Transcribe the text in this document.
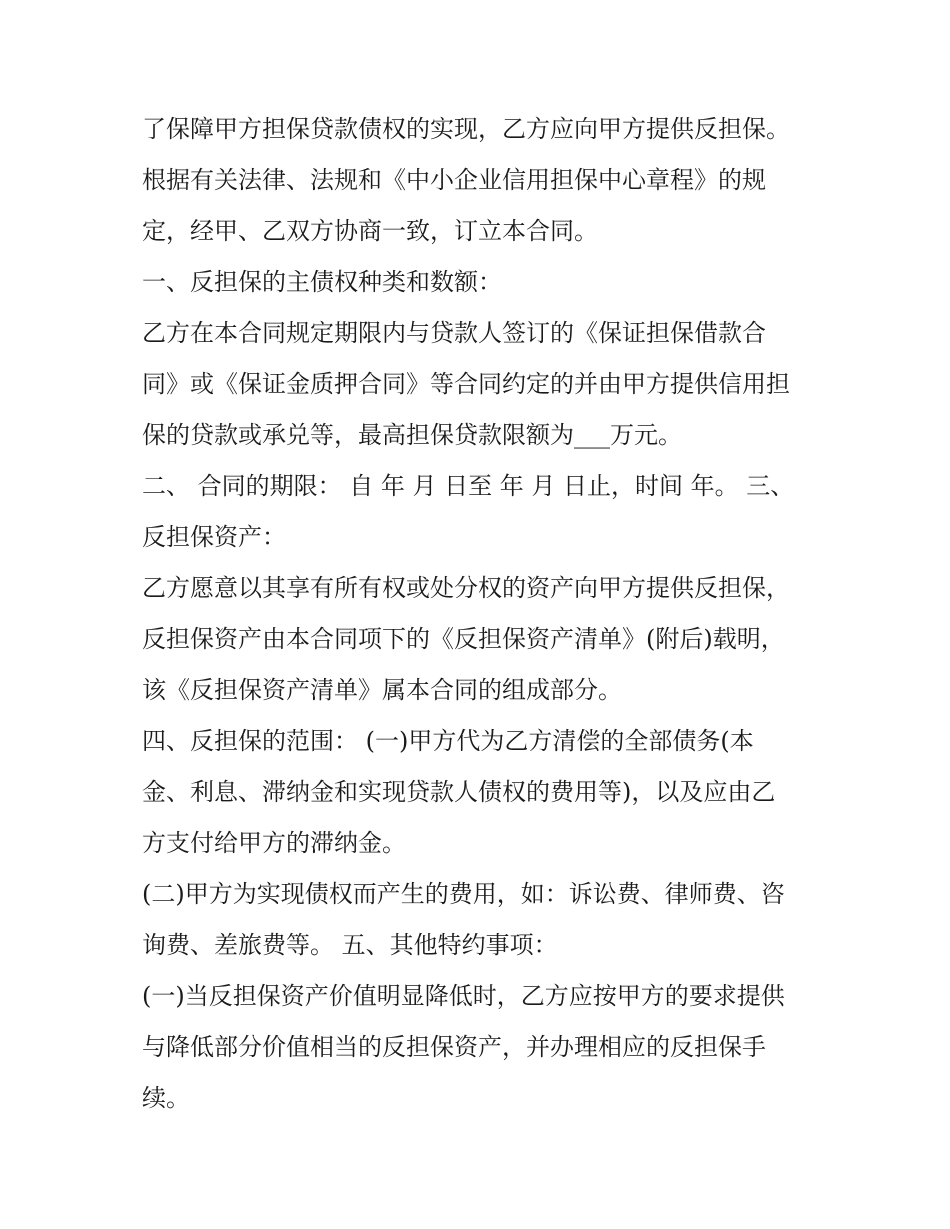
了保障甲方担保贷款债权的实现，乙方应向甲方提供反担保。
根据有关法律、法规和《中小企业信用担保中心章程》的规
定，经甲、乙双方协商一致，订立本合同。
一、反担保的主债权种类和数额：
乙方在本合同规定期限内与贷款人签订的《保证担保借款合
同》或《保证金质押合同》等合同约定的并由甲方提供信用担
保的贷款或承兑等，最高担保贷款限额为___万元。
二、 合同的期限： 自 年 月 日至 年 月 日止，时间 年。 三、
反担保资产：
乙方愿意以其享有所有权或处分权的资产向甲方提供反担保，
反担保资产由本合同项下的《反担保资产清单》(附后)载明，
该《反担保资产清单》属本合同的组成部分。
四、反担保的范围： (一)甲方代为乙方清偿的全部债务(本
金、利息、滞纳金和实现贷款人债权的费用等)，以及应由乙
方支付给甲方的滞纳金。
(二)甲方为实现债权而产生的费用，如：诉讼费、律师费、咨
询费、差旅费等。 五、其他特约事项：
(一)当反担保资产价值明显降低时，乙方应按甲方的要求提供
与降低部分价值相当的反担保资产，并办理相应的反担保手
续。
